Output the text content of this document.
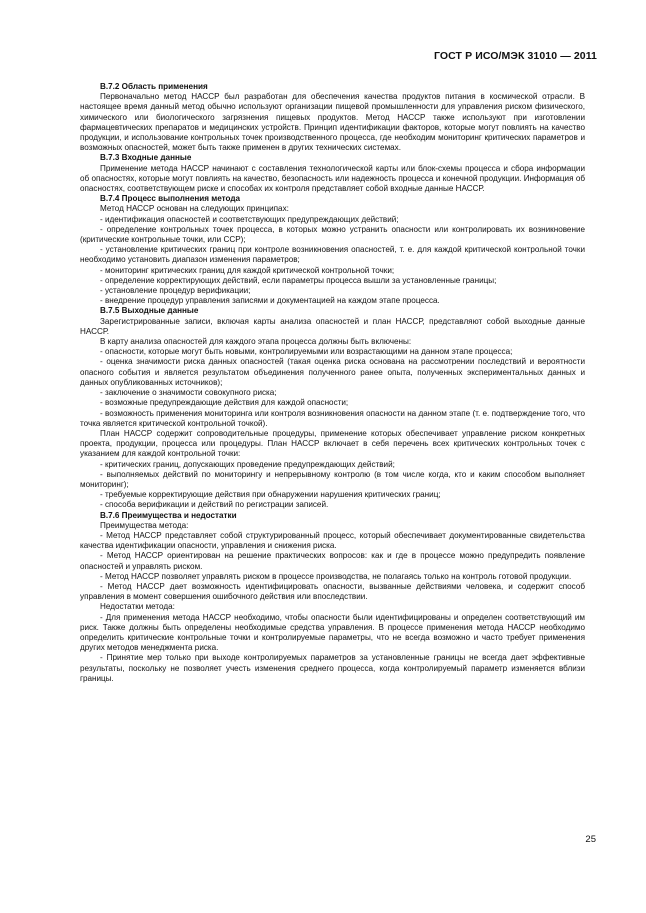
ГОСТ Р ИСО/МЭК 31010 — 2011

В.7.2 Область применения

Первоначально метод НАССР был разработан для обеспечения качества продуктов питания в космической отрасли. В настоящее время данный метод обычно используют организации пищевой промышленности для управления риском физического, химического или биологического загрязнения пищевых продуктов. Метод НАССР также используют при изготовлении фармацевтических препаратов и медицинских устройств. Принцип идентификации факторов, которые могут повлиять на качество продукции, и использование контрольных точек производственного процесса, где необходим мониторинг критических параметров и возможных опасностей, может быть также применен в других технических системах.

В.7.3 Входные данные

Применение метода НАССР начинают с составления технологической карты или блок-схемы процесса и сбора информации об опасностях, которые могут повлиять на качество, безопасность или надежность процесса и конечной продукции. Информация об опасностях, соответствующем риске и способах их контроля представляет собой входные данные НАССР.

В.7.4 Процесс выполнения метода

Метод НАССР основан на следующих принципах:

- идентификация опасностей и соответствующих предупреждающих действий;

- определение контрольных точек процесса, в которых можно устранить опасности или контролировать их возникновение (критические контрольные точки, или ССР);

- установление критических границ при контроле возникновения опасностей, т. е. для каждой критической контрольной точки необходимо установить диапазон изменения параметров;

- мониторинг критических границ для каждой критической контрольной точки;

- определение корректирующих действий, если параметры процесса вышли за установленные границы;

- установление процедур верификации;

- внедрение процедур управления записями и документацией на каждом этапе процесса.

В.7.5 Выходные данные

Зарегистрированные записи, включая карты анализа опасностей и план НАССР, представляют собой выходные данные НАССР.

В карту анализа опасностей для каждого этапа процесса должны быть включены:

- опасности, которые могут быть новыми, контролируемыми или возрастающими на данном этапе процесса;

- оценка значимости риска данных опасностей (такая оценка риска основана на рассмотрении последствий и вероятности опасного события и является результатом объединения полученного ранее опыта, полученных экспериментальных данных и данных опубликованных источников);

- заключение о значимости совокупного риска;

- возможные предупреждающие действия для каждой опасности;

- возможность применения мониторинга или контроля возникновения опасности на данном этапе (т. е. подтверждение того, что точка является критической контрольной точкой).

План НАССР содержит сопроводительные процедуры, применение которых обеспечивает управление риском конкретных проекта, продукции, процесса или процедуры. План НАССР включает в себя перечень всех критических контрольных точек с указанием для каждой контрольной точки:

- критических границ, допускающих проведение предупреждающих действий;

- выполняемых действий по мониторингу и непрерывному контролю (в том числе когда, кто и каким способом выполняет мониторинг);

- требуемые корректирующие действия при обнаружении нарушения критических границ;

- способа верификации и действий по регистрации записей.

В.7.6 Преимущества и недостатки

Преимущества метода:

- Метод НАССР представляет собой структурированный процесс, который обеспечивает документированные свидетельства качества идентификации опасности, управления и снижения риска.

- Метод НАССР ориентирован на решение практических вопросов: как и где в процессе можно предупредить появление опасностей и управлять риском.

- Метод НАССР позволяет управлять риском в процессе производства, не полагаясь только на контроль готовой продукции.

- Метод НАССР дает возможность идентифицировать опасности, вызванные действиями человека, и содержит способ управления в момент совершения ошибочного действия или впоследствии.

Недостатки метода:

- Для применения метода НАССР необходимо, чтобы опасности были идентифицированы и определен соответствующий им риск. Также должны быть определены необходимые средства управления. В процессе применения метода НАССР необходимо определить критические контрольные точки и контролируемые параметры, что не всегда возможно и часто требует применения других методов менеджмента риска.

- Принятие мер только при выходе контролируемых параметров за установленные границы не всегда дает эффективные результаты, поскольку не позволяет учесть изменения среднего процесса, когда контролируемый параметр изменяется вблизи границы.

25
